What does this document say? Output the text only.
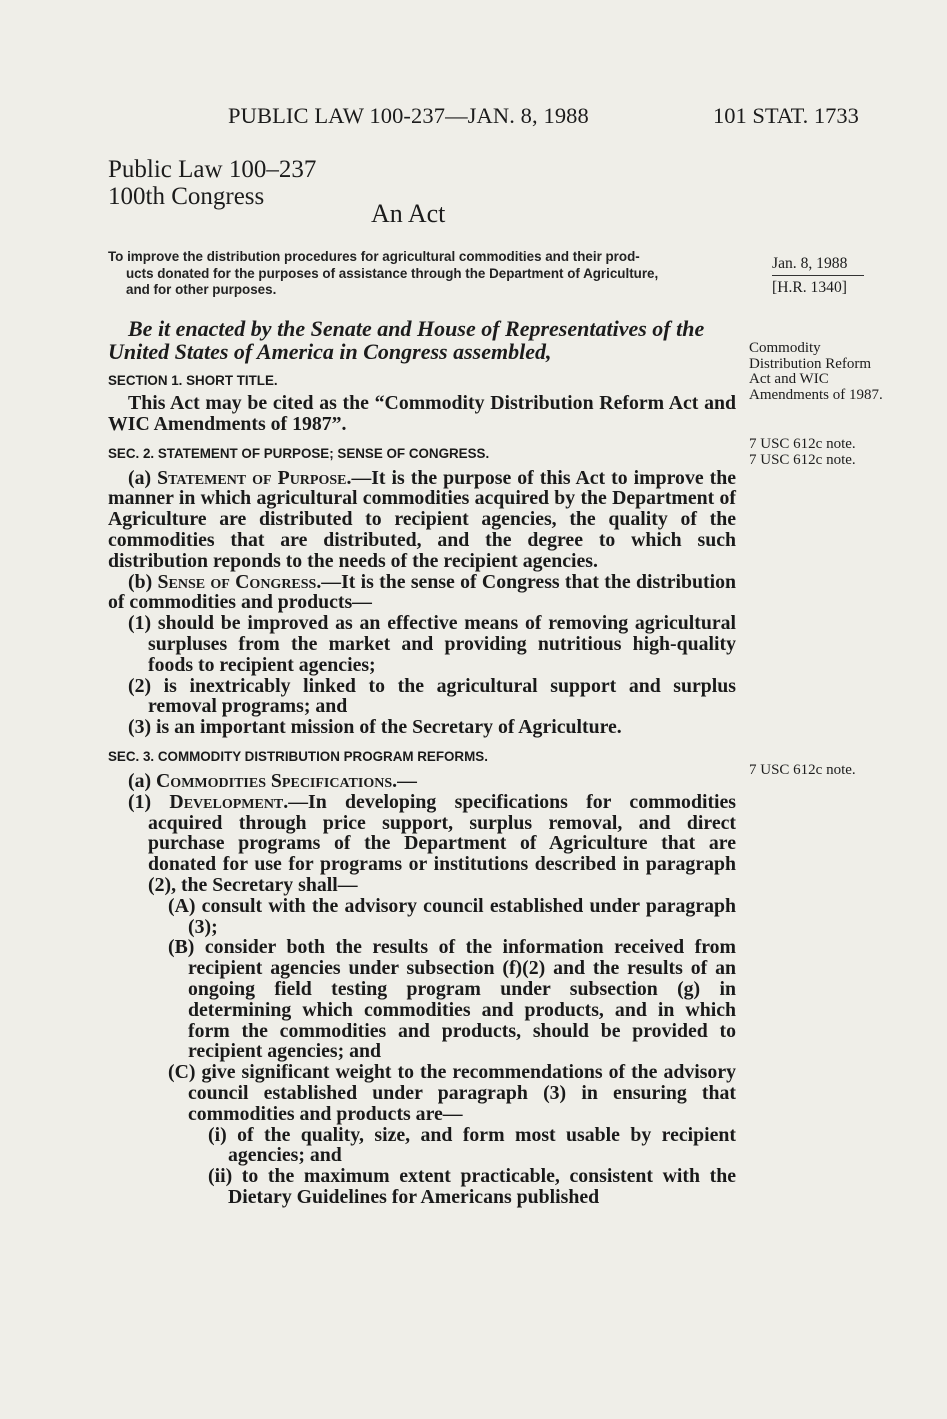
PUBLIC LAW 100-237—JAN. 8, 1988	101 STAT. 1733
Public Law 100–237
100th Congress
An Act

To improve the distribution procedures for agricultural commodities and their prod-

ucts donated for the purposes of assistance through the Department of Agriculture,

and for other purposes.

Be it enacted by the Senate and House of Representatives of the

United States of America in Congress assembled,

SECTION 1. SHORT TITLE.

This Act may be cited as the “Commodity Distribution Reform Act and WIC Amendments of 1987”.

SEC. 2. STATEMENT OF PURPOSE; SENSE OF CONGRESS.

(a) Statement of Purpose.—It is the purpose of this Act to improve the manner in which agricultural commodities acquired by the Department of Agriculture are distributed to recipient agencies, the quality of the commodities that are distributed, and the degree to which such distribution reponds to the needs of the recipient agencies.

(b) Sense of Congress.—It is the sense of Congress that the distribution of commodities and products—

(1) should be improved as an effective means of removing agricultural surpluses from the market and providing nutritious high-quality foods to recipient agencies;

(2) is inextricably linked to the agricultural support and surplus removal programs; and

(3) is an important mission of the Secretary of Agriculture.

SEC. 3. COMMODITY DISTRIBUTION PROGRAM REFORMS.

(a) Commodities Specifications.—

(1) Development.—In developing specifications for commodities acquired through price support, surplus removal, and direct purchase programs of the Department of Agriculture that are donated for use for programs or institutions described in paragraph (2), the Secretary shall—

(A) consult with the advisory council established under paragraph (3);

(B) consider both the results of the information received from recipient agencies under subsection (f)(2) and the results of an ongoing field testing program under subsection (g) in determining which commodities and products, and in which form the commodities and products, should be provided to recipient agencies; and

(C) give significant weight to the recommendations of the advisory council established under paragraph (3) in ensuring that commodities and products are—

(i) of the quality, size, and form most usable by recipient agencies; and

(ii) to the maximum extent practicable, consistent with the Dietary Guidelines for Americans published

Jan. 8, 1988
[H.R. 1340]
Commodity Distribution Reform Act and WIC Amendments of 1987.
7 USC 612c note.
7 USC 612c note.
7 USC 612c note.
